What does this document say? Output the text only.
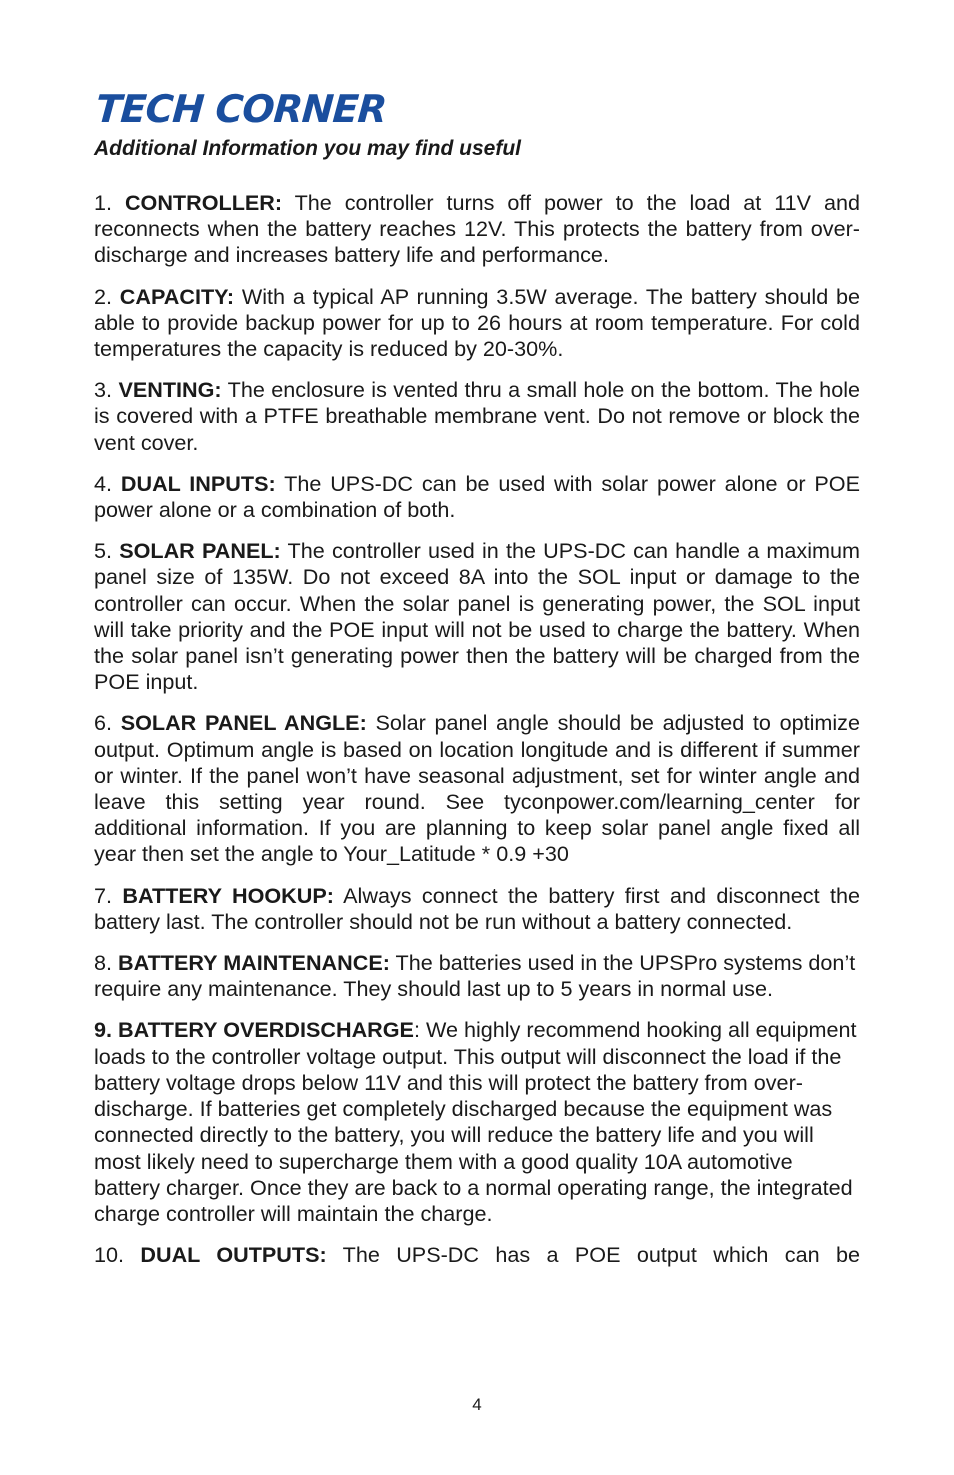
TECH CORNER

Additional Information you may find useful

1. CONTROLLER: The controller turns off power to the load at 11V and reconnects when the battery reaches 12V. This protects the battery from over-discharge and increases battery life and performance.
2. CAPACITY: With a typical AP running 3.5W average. The battery should be able to provide backup power for up to 26 hours at room temperature. For cold temperatures the capacity is reduced by 20-30%.
3. VENTING: The enclosure is vented thru a small hole on the bottom. The hole is covered with a PTFE breathable membrane vent. Do not remove or block the vent cover.
4. DUAL INPUTS: The UPS-DC can be used with solar power alone or POE power alone or a combination of both.
5. SOLAR PANEL: The controller used in the UPS-DC can handle a maximum panel size of 135W. Do not exceed 8A into the SOL input or damage to the controller can occur. When the solar panel is generating power, the SOL input will take priority and the POE input will not be used to charge the battery. When the solar panel isn’t generating power then the battery will be charged from the POE input.
6. SOLAR PANEL ANGLE: Solar panel angle should be adjusted to optimize output. Optimum angle is based on location longitude and is different if summer or winter. If the panel won’t have seasonal adjustment, set for winter angle and leave this setting year round. See tyconpower.com/learning_center for additional information. If you are planning to keep solar panel angle fixed all year then set the angle to Your_Latitude * 0.9 +30
7. BATTERY HOOKUP: Always connect the battery first and disconnect the battery last. The controller should not be run without a battery connected.
8. BATTERY MAINTENANCE: The batteries used in the UPSPro systems don’t require any maintenance. They should last up to 5 years in normal use.
9. BATTERY OVERDISCHARGE: We highly recommend hooking all equipment loads to the controller voltage output. This output will disconnect the load if the battery voltage drops below 11V and this will protect the battery from over-discharge. If batteries get completely discharged because the equipment was connected directly to the battery, you will reduce the battery life and you will most likely need to supercharge them with a good quality 10A automotive battery charger. Once they are back to a normal operating range, the integrated charge controller will maintain the charge.
10. DUAL OUTPUTS: The UPS-DC has a POE output which can be
4
